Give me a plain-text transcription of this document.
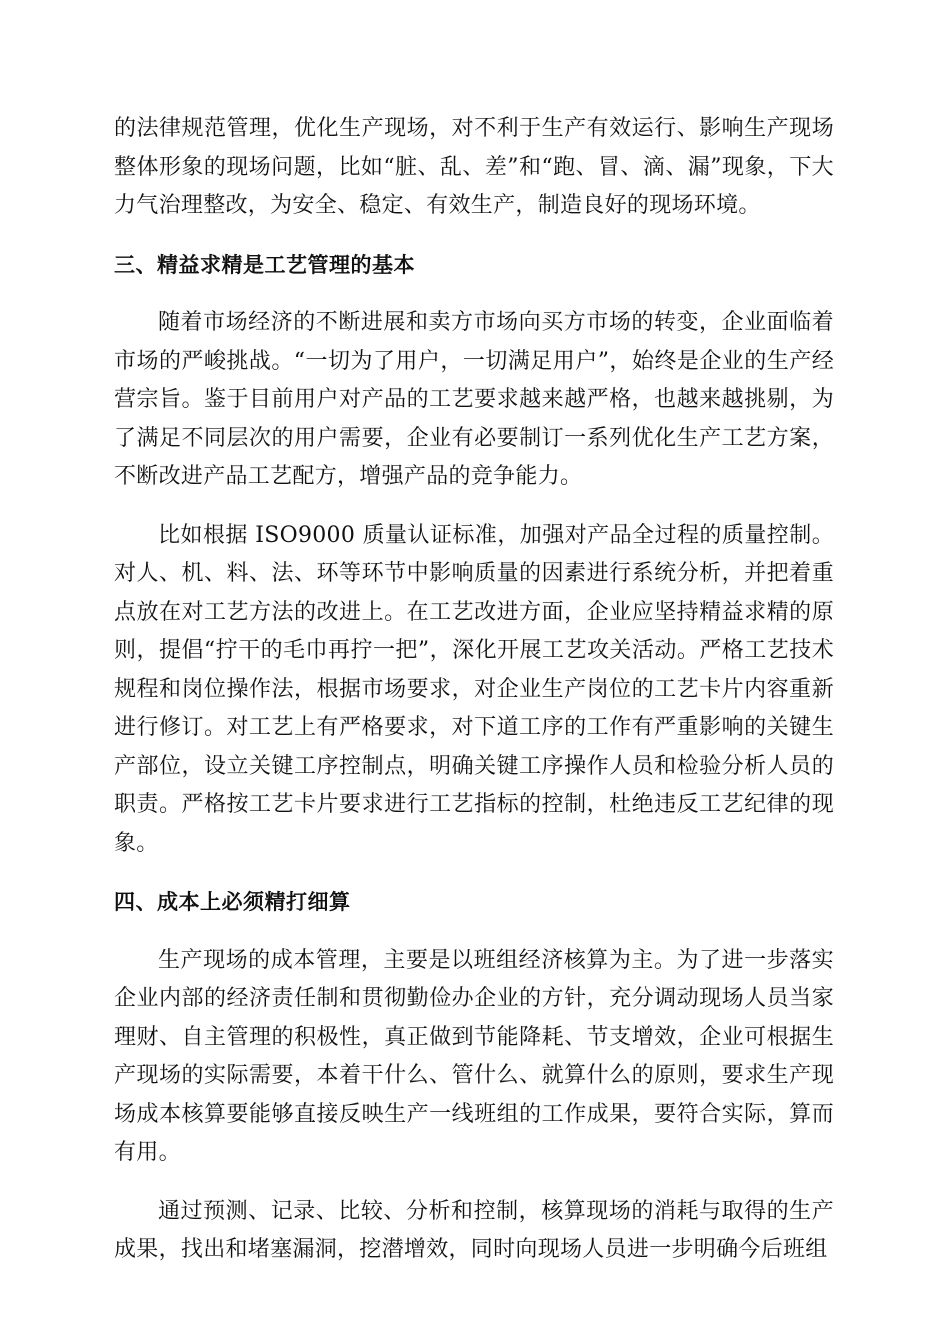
的法律规范管理，优化生产现场，对不利于生产有效运行、影响生产现场整体形象的现场问题，比如“脏、乱、差”和“跑、冒、滴、漏”现象，下大力气治理整改，为安全、稳定、有效生产，制造良好的现场环境。

三、精益求精是工艺管理的基本

随着市场经济的不断进展和卖方市场向买方市场的转变，企业面临着市场的严峻挑战。“一切为了用户，一切满足用户”，始终是企业的生产经营宗旨。鉴于目前用户对产品的工艺要求越来越严格，也越来越挑剔，为了满足不同层次的用户需要，企业有必要制订一系列优化生产工艺方案，不断改进产品工艺配方，增强产品的竞争能力。

比如根据 ISO9000 质量认证标准，加强对产品全过程的质量控制。对人、机、料、法、环等环节中影响质量的因素进行系统分析，并把着重点放在对工艺方法的改进上。在工艺改进方面，企业应坚持精益求精的原则，提倡“拧干的毛巾再拧一把”，深化开展工艺攻关活动。严格工艺技术规程和岗位操作法，根据市场要求，对企业生产岗位的工艺卡片内容重新进行修订。对工艺上有严格要求，对下道工序的工作有严重影响的关键生产部位，设立关键工序控制点，明确关键工序操作人员和检验分析人员的职责。严格按工艺卡片要求进行工艺指标的控制，杜绝违反工艺纪律的现象。

四、成本上必须精打细算

生产现场的成本管理，主要是以班组经济核算为主。为了进一步落实企业内部的经济责任制和贯彻勤俭办企业的方针，充分调动现场人员当家理财、自主管理的积极性，真正做到节能降耗、节支增效，企业可根据生产现场的实际需要，本着干什么、管什么、就算什么的原则，要求生产现场成本核算要能够直接反映生产一线班组的工作成果，要符合实际，算而有用。

通过预测、记录、比较、分析和控制，核算现场的消耗与取得的生产成果，找出和堵塞漏洞，挖潜增效，同时向现场人员进一步明确今后班组
